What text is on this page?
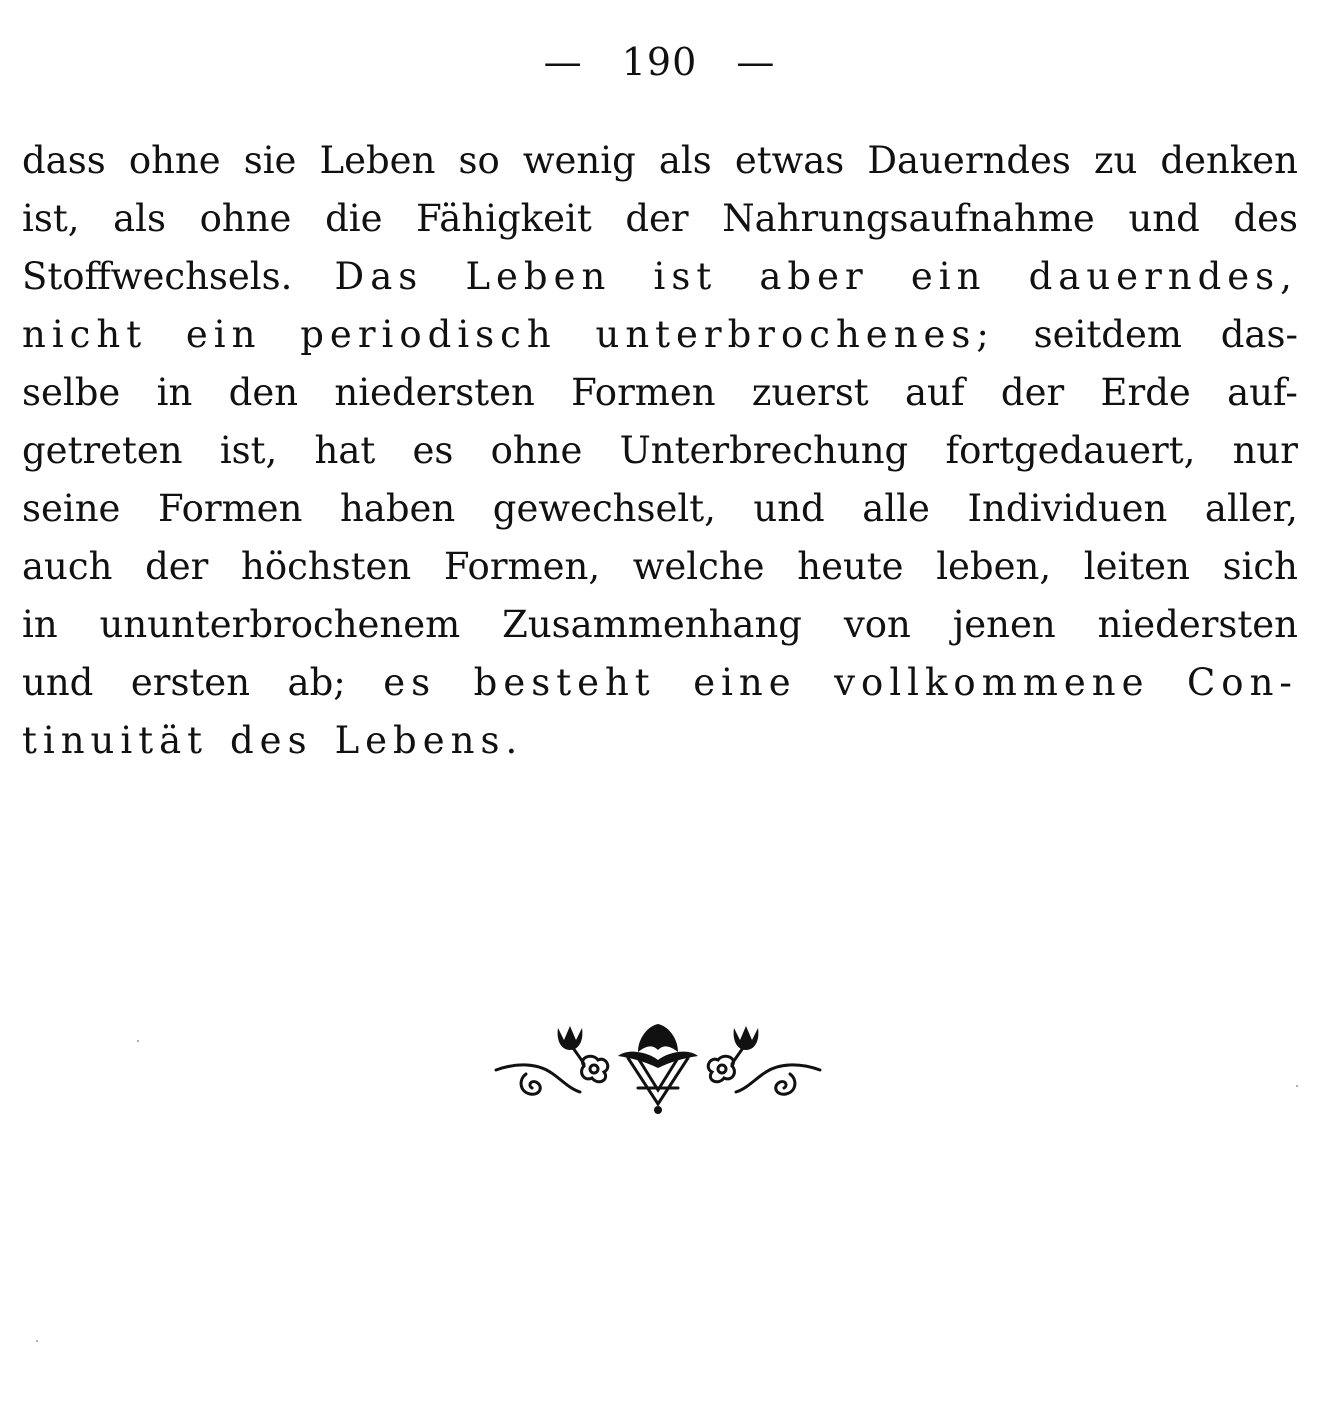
— 190 —
dass ohne sie Leben so wenig als etwas Dauerndes zu denken
ist, als ohne die Fähigkeit der Nahrungsaufnahme und des
Stoffwechsels. Das Leben ist aber ein dauerndes,
nicht ein periodisch unterbrochenes; seitdem das-
selbe in den niedersten Formen zuerst auf der Erde auf-
getreten ist, hat es ohne Unterbrechung fortgedauert, nur
seine Formen haben gewechselt, und alle Individuen aller,
auch der höchsten Formen, welche heute leben, leiten sich
in ununterbrochenem Zusammenhang von jenen niedersten
und ersten ab; es besteht eine vollkommene Con-
tinuität des Lebens.
